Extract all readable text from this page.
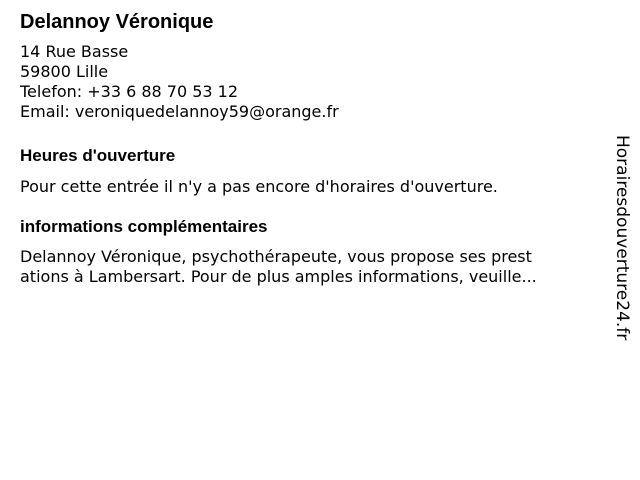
Delannoy Véronique
14 Rue Basse
59800 Lille
Telefon: +33 6 88 70 53 12
Email: veroniquedelannoy59@orange.fr
Heures d'ouverture
Pour cette entrée il n'y a pas encore d'horaires d'ouverture.
informations complémentaires
Delannoy Véronique, psychothérapeute, vous propose ses prest
ations à Lambersart. Pour de plus amples informations, veuille...	Horairesdouverture24.fr
